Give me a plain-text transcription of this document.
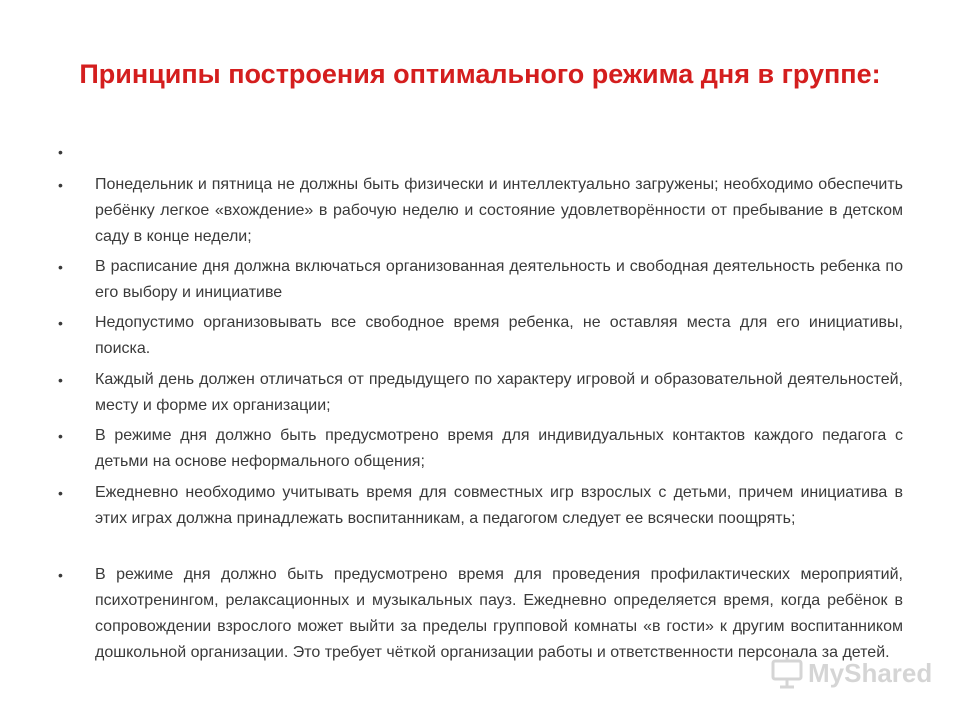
Принципы построения оптимального режима дня в группе:
•
• Понедельник и пятница не должны быть физически и интеллектуально загружены; необходимо обеспечить ребёнку легкое «вхождение» в рабочую неделю и состояние удовлетворённости от пребывание в детском саду в конце недели;
• В расписание дня должна включаться организованная деятельность и свободная деятельность ребенка по его выбору и инициативе
• Недопустимо организовывать все свободное время ребенка, не оставляя места для его инициативы, поиска.
• Каждый день должен отличаться от предыдущего по характеру игровой и образовательной деятельностей, месту и форме их организации;
• В режиме дня должно быть предусмотрено время для индивидуальных контактов каждого педагога с детьми на основе неформального общения;
• Ежедневно необходимо учитывать время для совместных игр взрослых с детьми, причем инициатива в этих играх должна принадлежать воспитанникам, а педагогом следует ее всячески поощрять;
• В режиме дня должно быть предусмотрено время для проведения профилактических мероприятий, психотренингом, релаксационных и музыкальных пауз. Ежедневно определяется время, когда ребёнок в сопровождении взрослого может выйти за пределы групповой комнаты «в гости» к другим воспитанником дошкольной организации. Это требует чёткой организации работы и ответственности персонала за детей.
MyShared
